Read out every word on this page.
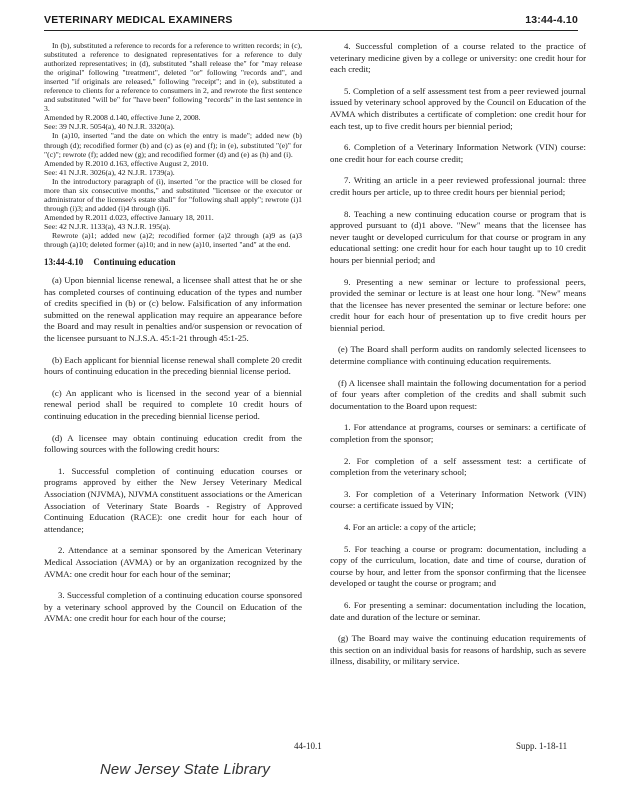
VETERINARY MEDICAL EXAMINERS	13:44-4.10

In (b), substituted a reference to records for a reference to written records; in (c), substituted a reference to designated representatives for a reference to duly authorized representatives; in (d), substituted "shall release the" for "may release the original" following "treatment", deleted "or" following "records and", and inserted "if originals are released," following "receipt"; and in (e), substituted a reference to clients for a reference to consumers in 2, and rewrote the first sentence and substituted "will be" for "have been" following "records" in the last sentence in 3.

Amended by R.2008 d.140, effective June 2, 2008.

See: 39 N.J.R. 5054(a), 40 N.J.R. 3320(a).

In (a)10, inserted "and the date on which the entry is made"; added new (b) through (d); recodified former (b) and (c) as (e) and (f); in (e), substituted "(e)" for "(c)"; rewrote (f); added new (g); and recodified former (d) and (e) as (h) and (i).

Amended by R.2010 d.163, effective August 2, 2010.

See: 41 N.J.R. 3026(a), 42 N.J.R. 1739(a).

In the introductory paragraph of (i), inserted "or the practice will be closed for more than six consecutive months," and substituted "licensee or the executor or administrator of the licensee's estate shall" for "following shall apply"; rewrote (i)1 through (i)3; and added (i)4 through (i)6.

Amended by R.2011 d.023, effective January 18, 2011.

See: 42 N.J.R. 1133(a), 43 N.J.R. 195(a).

Rewrote (a)1; added new (a)2; recodified former (a)2 through (a)9 as (a)3 through (a)10; deleted former (a)10; and in new (a)10, inserted "and" at the end.

13:44-4.10 Continuing education

(a) Upon biennial license renewal, a licensee shall attest that he or she has completed courses of continuing education of the types and number of credits specified in (b) or (c) below. Falsification of any information submitted on the renewal application may require an appearance before the Board and may result in penalties and/or suspension or revocation of the licensee pursuant to N.J.S.A. 45:1-21 through 45:1-25.

(b) Each applicant for biennial license renewal shall complete 20 credit hours of continuing education in the preceding biennial license period.

(c) An applicant who is licensed in the second year of a biennial renewal period shall be required to complete 10 credit hours of continuing education in the preceding biennial license period.

(d) A licensee may obtain continuing education credit from the following sources with the following credit hours:

1. Successful completion of continuing education courses or programs approved by either the New Jersey Veterinary Medical Association (NJVMA), NJVMA constituent associations or the American Association of Veterinary State Boards - Registry of Approved Continuing Education (RACE): one credit hour for each hour of attendance;

2. Attendance at a seminar sponsored by the American Veterinary Medical Association (AVMA) or by an organization recognized by the AVMA: one credit hour for each hour of the seminar;

3. Successful completion of a continuing education course sponsored by a veterinary school approved by the Council on Education of the AVMA: one credit hour for each hour of the course;

4. Successful completion of a course related to the practice of veterinary medicine given by a college or university: one credit hour for each credit;

5. Completion of a self assessment test from a peer reviewed journal issued by veterinary school approved by the Council on Education of the AVMA which distributes a certificate of completion: one credit hour for each test, up to five credit hours per biennial period;

6. Completion of a Veterinary Information Network (VIN) course: one credit hour for each course credit;

7. Writing an article in a peer reviewed professional journal: three credit hours per article, up to three credit hours per biennial period;

8. Teaching a new continuing education course or program that is approved pursuant to (d)1 above. "New" means that the licensee has never taught or developed curriculum for that course or program in any educational setting: one credit hour for each hour taught up to 10 credit hours per biennial period; and

9. Presenting a new seminar or lecture to professional peers, provided the seminar or lecture is at least one hour long. "New" means that the licensee has never presented the seminar or lecture before: one credit hour for each hour of presentation up to five credit hours per biennial period.

(e) The Board shall perform audits on randomly selected licensees to determine compliance with continuing education requirements.

(f) A licensee shall maintain the following documentation for a period of four years after completion of the credits and shall submit such documentation to the Board upon request:

1. For attendance at programs, courses or seminars: a certificate of completion from the sponsor;

2. For completion of a self assessment test: a certificate of completion from the veterinary school;

3. For completion of a Veterinary Information Network (VIN) course: a certificate issued by VIN;

4. For an article: a copy of the article;

5. For teaching a course or program: documentation, including a copy of the curriculum, location, date and time of course, duration of course by hour, and letter from the sponsor confirming that the licensee developed or taught the course or program; and

6. For presenting a seminar: documentation including the location, date and duration of the lecture or seminar.

(g) The Board may waive the continuing education requirements of this section on an individual basis for reasons of hardship, such as severe illness, disability, or military service.

44-10.1	Supp. 1-18-11
New Jersey State Library
